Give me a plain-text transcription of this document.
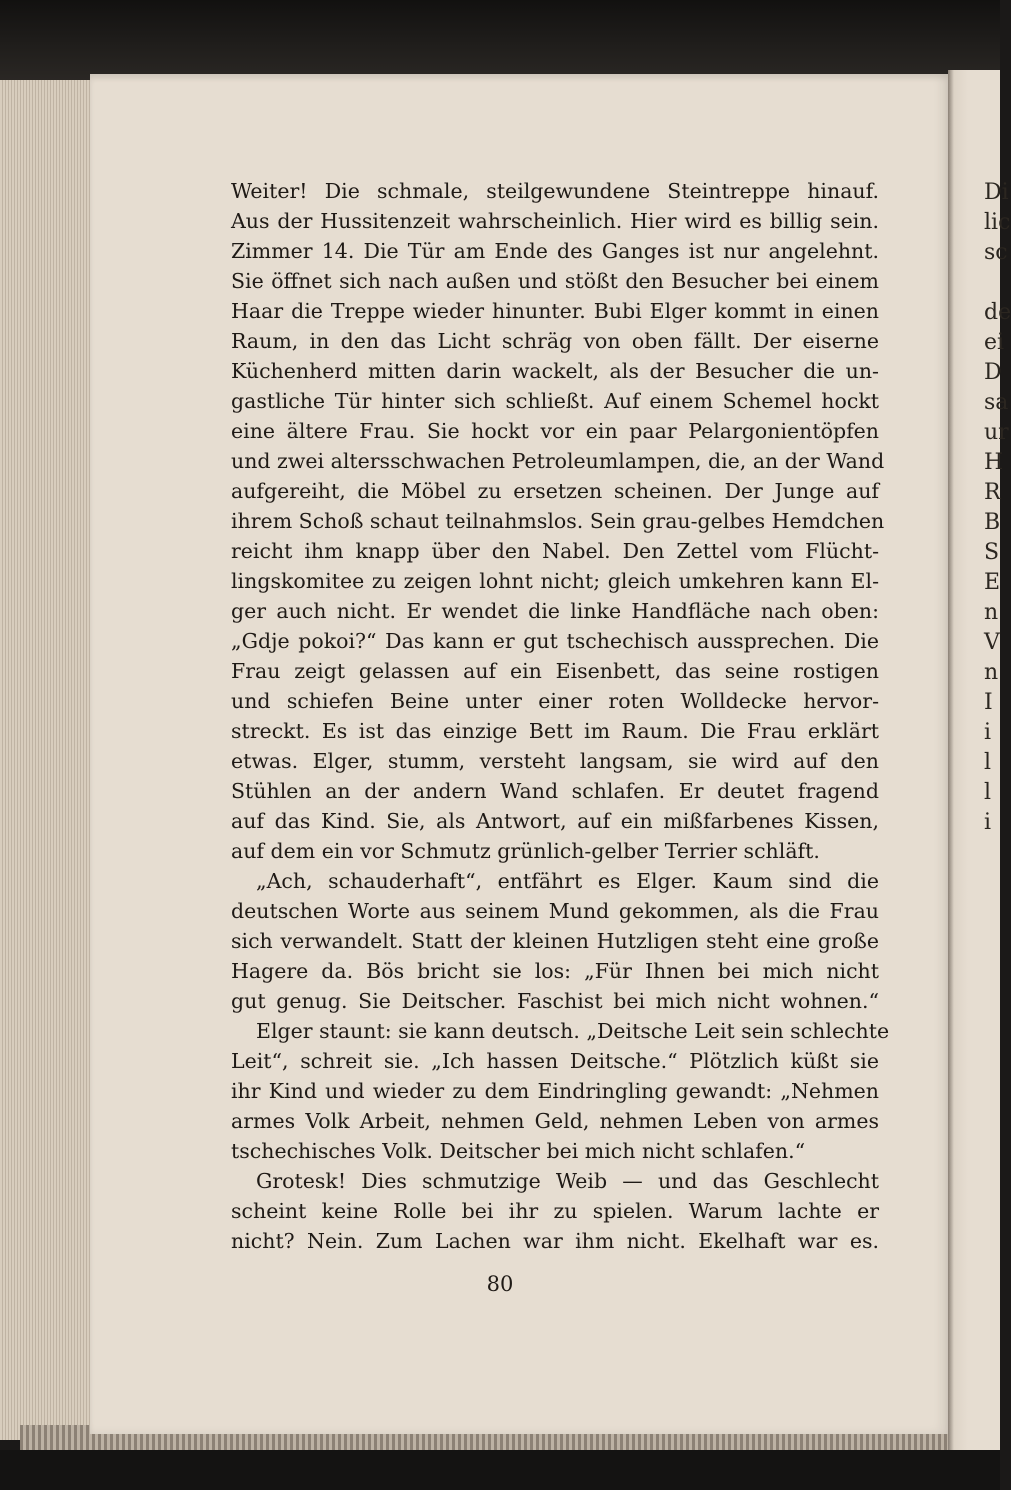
Di
lic
sc
de
ei
D
sa
ur
H
R
B
S
E
n
V
n
I
i
l
l
i
Weiter! Die schmale, steilgewundene Steintreppe hinauf.
Aus der Hussitenzeit wahrscheinlich. Hier wird es billig sein.
Zimmer 14. Die Tür am Ende des Ganges ist nur angelehnt.
Sie öffnet sich nach außen und stößt den Besucher bei einem
Haar die Treppe wieder hinunter. Bubi Elger kommt in einen
Raum, in den das Licht schräg von oben fällt. Der eiserne
Küchenherd mitten darin wackelt, als der Besucher die un-
gastliche Tür hinter sich schließt. Auf einem Schemel hockt
eine ältere Frau. Sie hockt vor ein paar Pelargonientöpfen
und zwei altersschwachen Petroleumlampen, die, an der Wand
aufgereiht, die Möbel zu ersetzen scheinen. Der Junge auf
ihrem Schoß schaut teilnahmslos. Sein grau-gelbes Hemdchen
reicht ihm knapp über den Nabel. Den Zettel vom Flücht-
lingskomitee zu zeigen lohnt nicht; gleich umkehren kann El-
ger auch nicht. Er wendet die linke Handfläche nach oben:
„Gdje pokoi?“ Das kann er gut tschechisch aussprechen. Die
Frau zeigt gelassen auf ein Eisenbett, das seine rostigen
und schiefen Beine unter einer roten Wolldecke hervor-
streckt. Es ist das einzige Bett im Raum. Die Frau erklärt
etwas. Elger, stumm, versteht langsam, sie wird auf den
Stühlen an der andern Wand schlafen. Er deutet fragend
auf das Kind. Sie, als Antwort, auf ein mißfarbenes Kissen,
auf dem ein vor Schmutz grünlich-gelber Terrier schläft.
„Ach, schauderhaft“, entfährt es Elger. Kaum sind die
deutschen Worte aus seinem Mund gekommen, als die Frau
sich verwandelt. Statt der kleinen Hutzligen steht eine große
Hagere da. Bös bricht sie los: „Für Ihnen bei mich nicht
gut genug. Sie Deitscher. Faschist bei mich nicht wohnen.“
Elger staunt: sie kann deutsch. „Deitsche Leit sein schlechte
Leit“, schreit sie. „Ich hassen Deitsche.“ Plötzlich küßt sie
ihr Kind und wieder zu dem Eindringling gewandt: „Nehmen
armes Volk Arbeit, nehmen Geld, nehmen Leben von armes
tschechisches Volk. Deitscher bei mich nicht schlafen.“
Grotesk! Dies schmutzige Weib — und das Geschlecht
scheint keine Rolle bei ihr zu spielen. Warum lachte er
nicht? Nein. Zum Lachen war ihm nicht. Ekelhaft war es.
80
